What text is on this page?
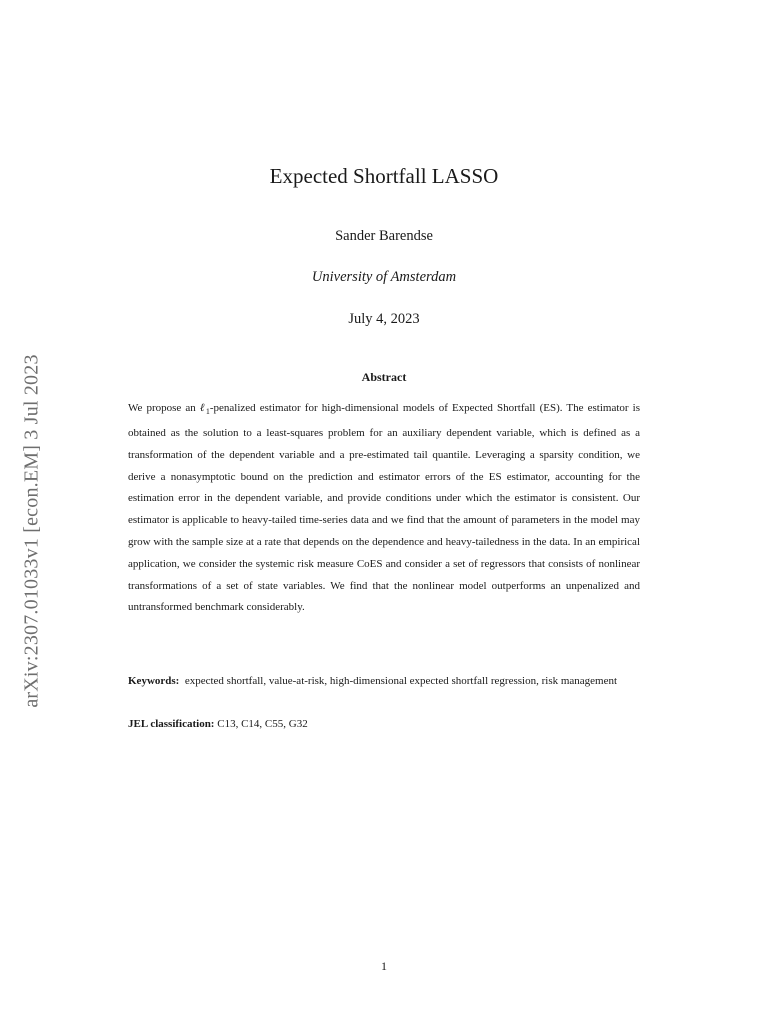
arXiv:2307.01033v1 [econ.EM] 3 Jul 2023
Expected Shortfall LASSO
Sander Barendse
University of Amsterdam
July 4, 2023
Abstract
We propose an ℓ$_1$-penalized estimator for high-dimensional models of Expected Shortfall (ES). The estimator is obtained as the solution to a least-squares problem for an auxiliary dependent variable, which is defined as a transformation of the dependent variable and a pre-estimated tail quantile. Leveraging a sparsity condition, we derive a nonasymptotic bound on the prediction and estimator errors of the ES estimator, accounting for the estimation error in the dependent variable, and provide conditions under which the estimator is consistent. Our estimator is applicable to heavy-tailed time-series data and we find that the amount of parameters in the model may grow with the sample size at a rate that depends on the dependence and heavy-tailedness in the data. In an empirical application, we consider the systemic risk measure CoES and consider a set of regressors that consists of nonlinear transformations of a set of state variables. We find that the nonlinear model outperforms an unpenalized and untransformed benchmark considerably.
Keywords: expected shortfall, value-at-risk, high-dimensional expected shortfall regression, risk management
JEL classification: C13, C14, C55, G32
1
